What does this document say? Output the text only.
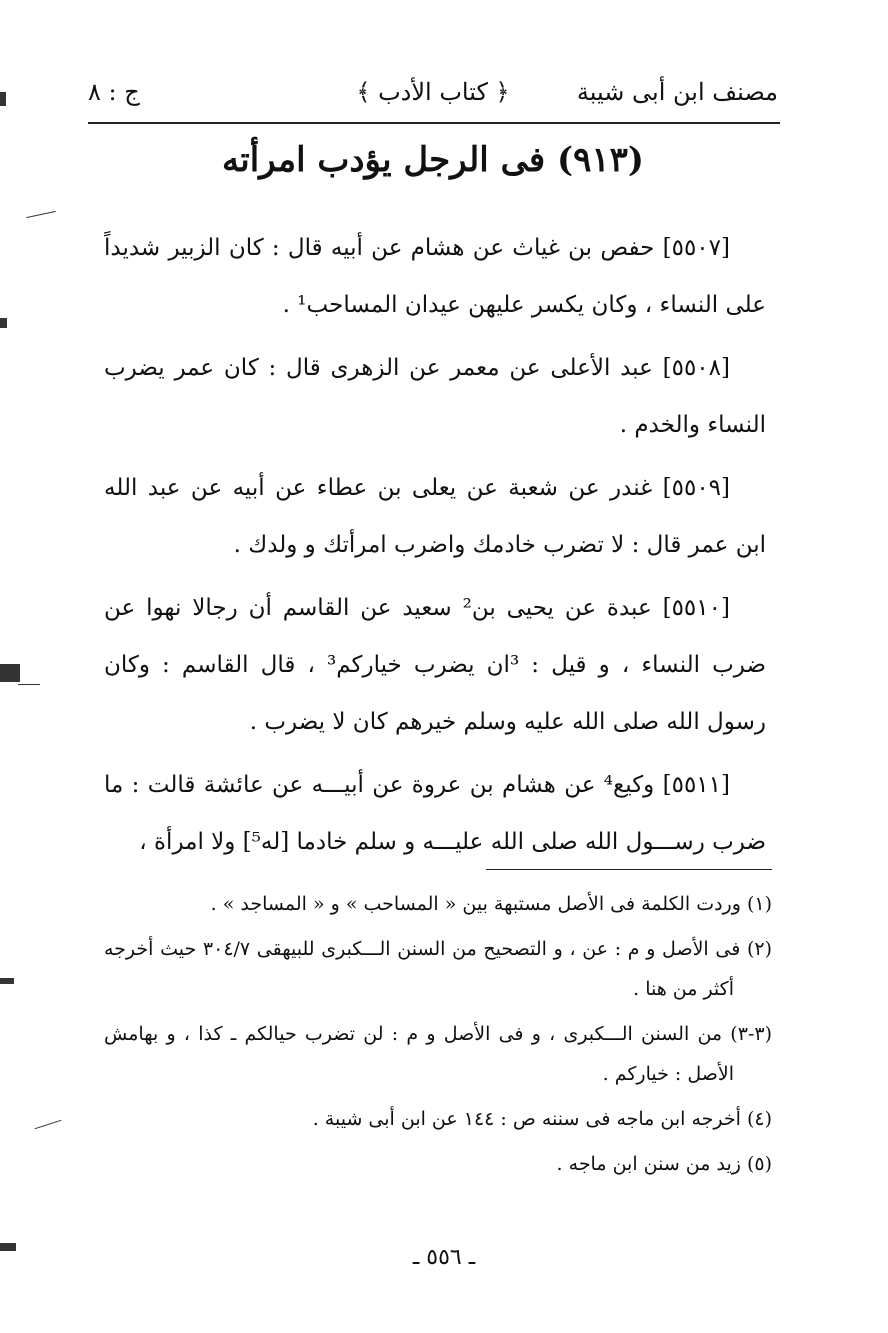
مصنف ابن أبى شيبة
﴿ كتاب الأدب ﴾
ج : ٨
(٩١٣) فى الرجل يؤدب امرأته

[٥٥٠٧] حفص بن غياث عن هشام عن أبيه قال : كان الزبير شديداً على النساء ، وكان يكسر عليهن عيدان المساحب¹ .

[٥٥٠٨] عبد الأعلى عن معمر عن الزهرى قال : كان عمر يضرب النساء والخدم .

[٥٥٠٩] غندر عن شعبة عن يعلى بن عطاء عن أبيه عن عبد الله ابن عمر قال : لا تضرب خادمك واضرب امرأتك و ولدك .

[٥٥١٠] عبدة عن يحيى بن² سعيد عن القاسم أن رجالا نهوا عن ضرب النساء ، و قيل : ³ان يضرب خياركم³ ، قال القاسم : وكان رسول الله صلى الله عليه وسلم خيرهم كان لا يضرب .

[٥٥١١] وكيع⁴ عن هشام بن عروة عن أبيـــه عن عائشة قالت : ما ضرب رســـول الله صلى الله عليـــه و سلم خادما [له⁵] ولا امرأة ،

(١) وردت الكلمة فى الأصل مستبهة بين « المساحب » و « المساجد » .

(٢) فى الأصل و م : عن ، و التصحيح من السنن الـــكبرى للبيهقى ٣٠٤/٧ حيث أخرجه أكثر من هنا .

(٣-٣) من السنن الـــكبرى ، و فى الأصل و م : لن تضرب حيالكم ـ كذا ، و بهامش الأصل : خياركم .

(٤) أخرجه ابن ماجه فى سننه ص : ١٤٤ عن ابن أبى شيبة .

(٥) زيد من سنن ابن ماجه .

ـ ٥٥٦ ـ
